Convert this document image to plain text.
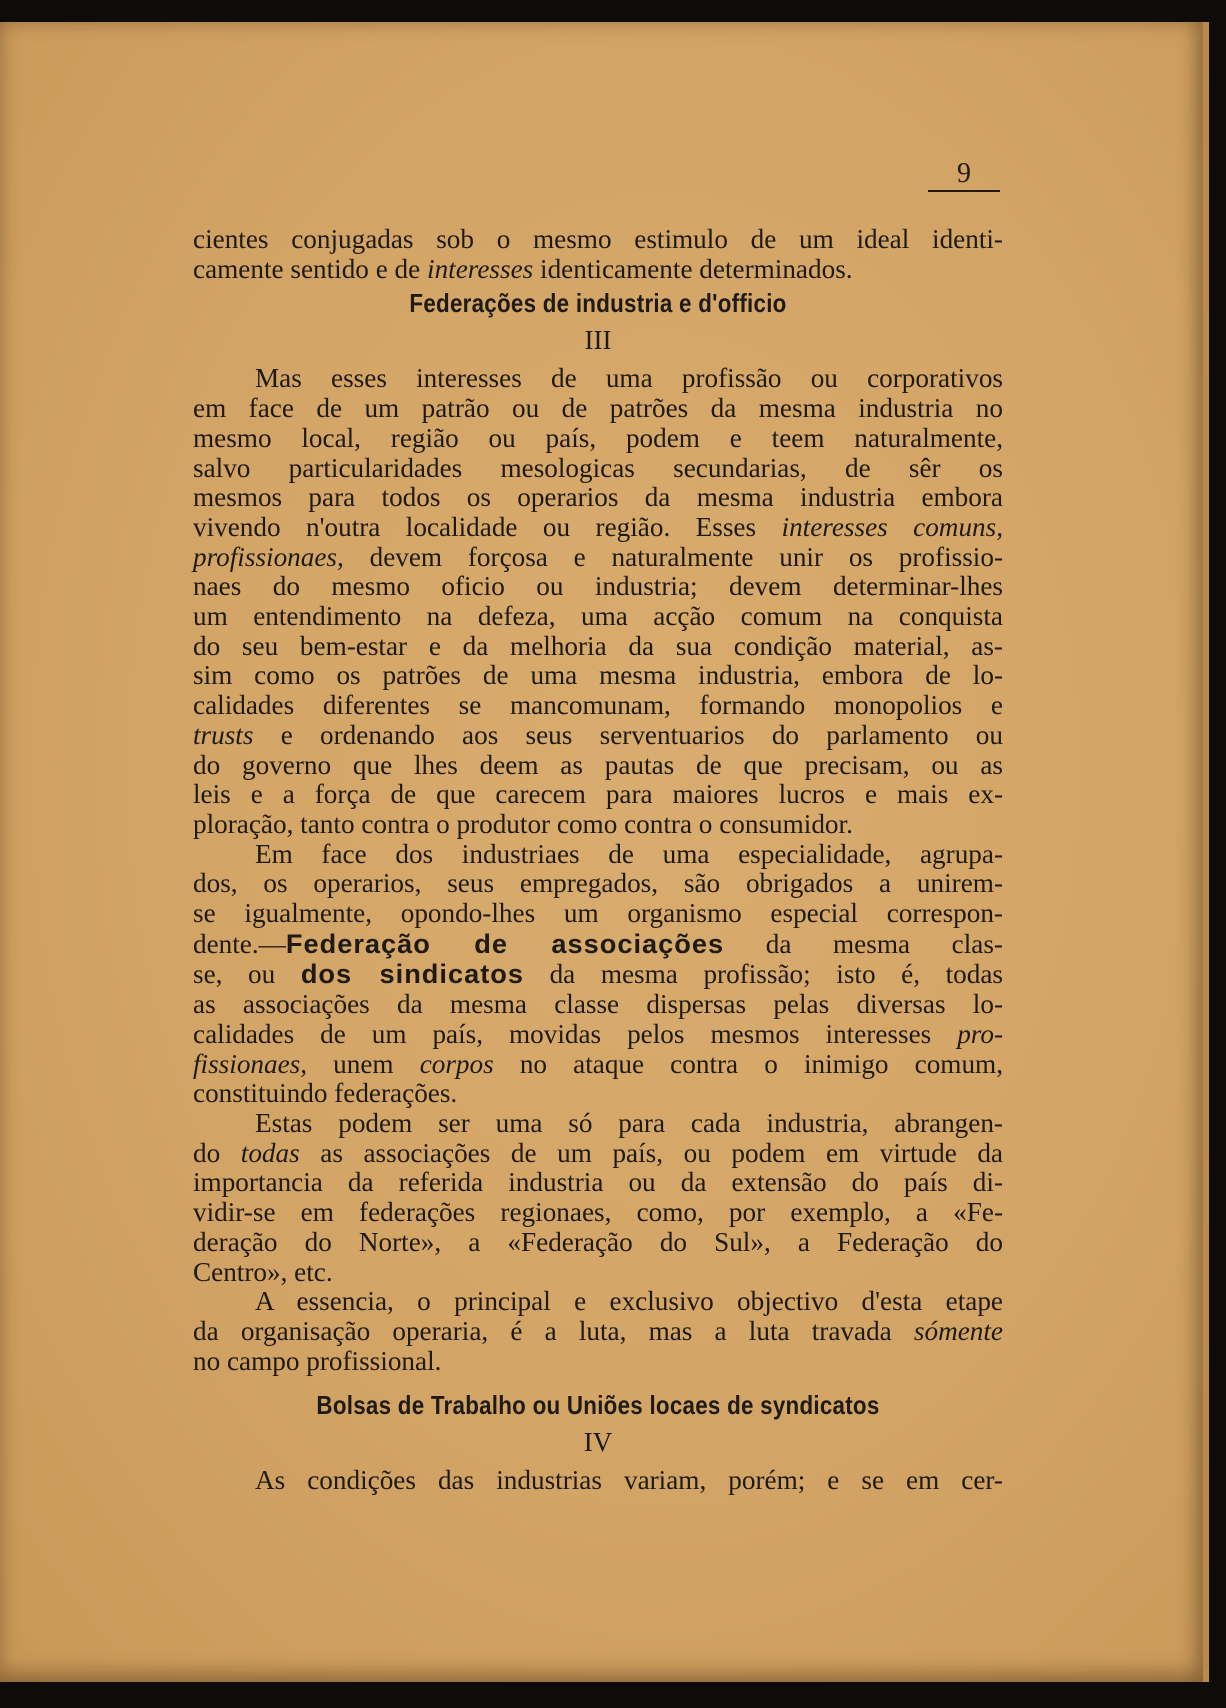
9
cientes conjugadas sob o mesmo estimulo de um ideal identi-
camente sentido e de interesses identicamente determinados.
Federações de industria e d'officio
III
Mas esses interesses de uma profissão ou corporativos
em face de um patrão ou de patrões da mesma industria no
mesmo local, região ou país, podem e teem naturalmente,
salvo particularidades mesologicas secundarias, de sêr os
mesmos para todos os operarios da mesma industria embora
vivendo n'outra localidade ou região. Esses interesses comuns,
profissionaes, devem forçosa e naturalmente unir os profissio-
naes do mesmo oficio ou industria; devem determinar-lhes
um entendimento na defeza, uma acção comum na conquista
do seu bem-estar e da melhoria da sua condição material, as-
sim como os patrões de uma mesma industria, embora de lo-
calidades diferentes se mancomunam, formando monopolios e
trusts e ordenando aos seus serventuarios do parlamento ou
do governo que lhes deem as pautas de que precisam, ou as
leis e a força de que carecem para maiores lucros e mais ex-
ploração, tanto contra o produtor como contra o consumidor.
Em face dos industriaes de uma especialidade, agrupa-
dos, os operarios, seus empregados, são obrigados a unirem-
se igualmente, opondo-lhes um organismo especial correspon-
dente.—Federação de associações da mesma clas-
se, ou dos sindicatos da mesma profissão; isto é, todas
as associações da mesma classe dispersas pelas diversas lo-
calidades de um país, movidas pelos mesmos interesses pro-
fissionaes, unem corpos no ataque contra o inimigo comum,
constituindo federações.
Estas podem ser uma só para cada industria, abrangen-
do todas as associações de um país, ou podem em virtude da
importancia da referida industria ou da extensão do país di-
vidir-se em federações regionaes, como, por exemplo, a «Fe-
deração do Norte», a «Federação do Sul», a Federação do
Centro», etc.
A essencia, o principal e exclusivo objectivo d'esta etape
da organisação operaria, é a luta, mas a luta travada sómente
no campo profissional.
Bolsas de Trabalho ou Uniões locaes de syndicatos
IV
As condições das industrias variam, porém; e se em cer-
